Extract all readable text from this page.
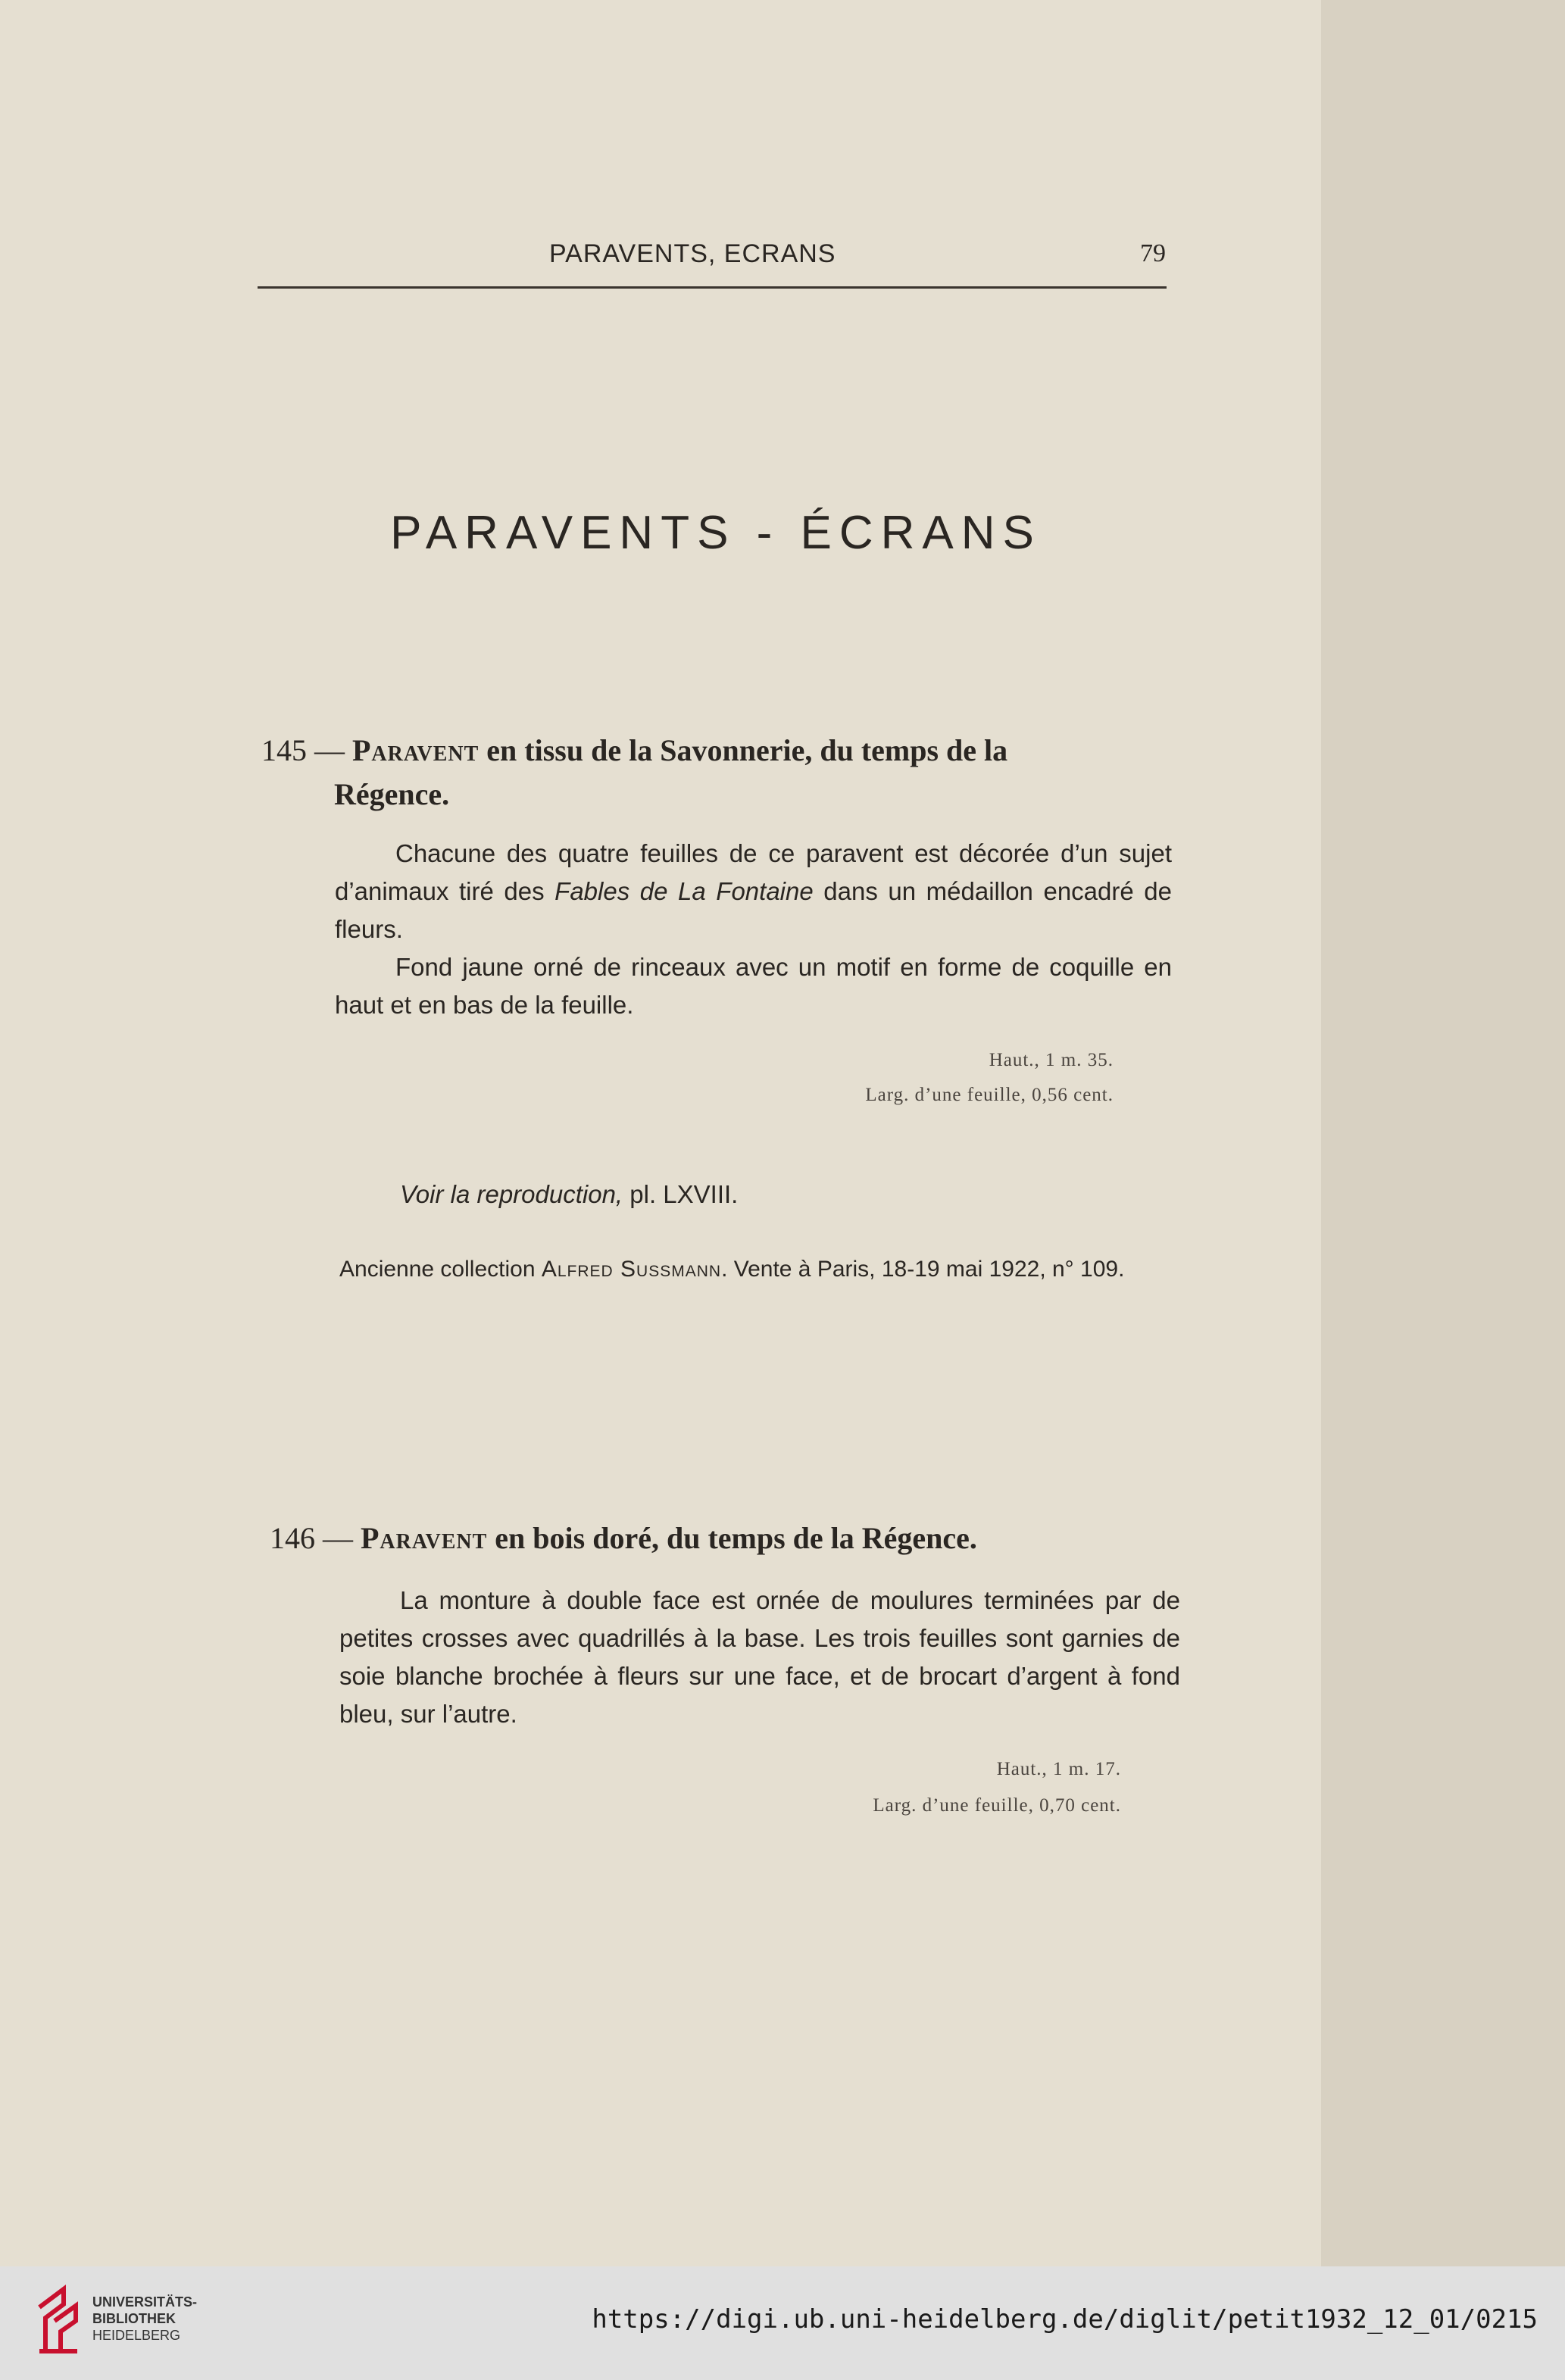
PARAVENTS, ECRANS	79
PARAVENTS - ÉCRANS
145 — Paravent en tissu de la Savonnerie, du temps de la
Régence.
Chacune des quatre feuilles de ce paravent est décorée d’un sujet d’animaux tiré des Fables de La Fontaine dans un médaillon encadré de fleurs.
Fond jaune orné de rinceaux avec un motif en forme de coquille en haut et en bas de la feuille.
Haut., 1 m. 35.
Larg. d’une feuille, 0,56 cent.
Voir la reproduction, pl. LXVIII.
Ancienne collection Alfred Sussmann. Vente à Paris, 18-19 mai 1922, n° 109.
146 — Paravent en bois doré, du temps de la Régence.
La monture à double face est ornée de moulures terminées par de petites crosses avec quadrillés à la base. Les trois feuilles sont garnies de soie blanche brochée à fleurs sur une face, et de brocart d’argent à fond bleu, sur l’autre.
Haut., 1 m. 17.
Larg. d’une feuille, 0,70 cent.
UNIVERSITÄTS-
BIBLIOTHEK
HEIDELBERG
https://digi.ub.uni-heidelberg.de/diglit/petit1932_12_01/0215
